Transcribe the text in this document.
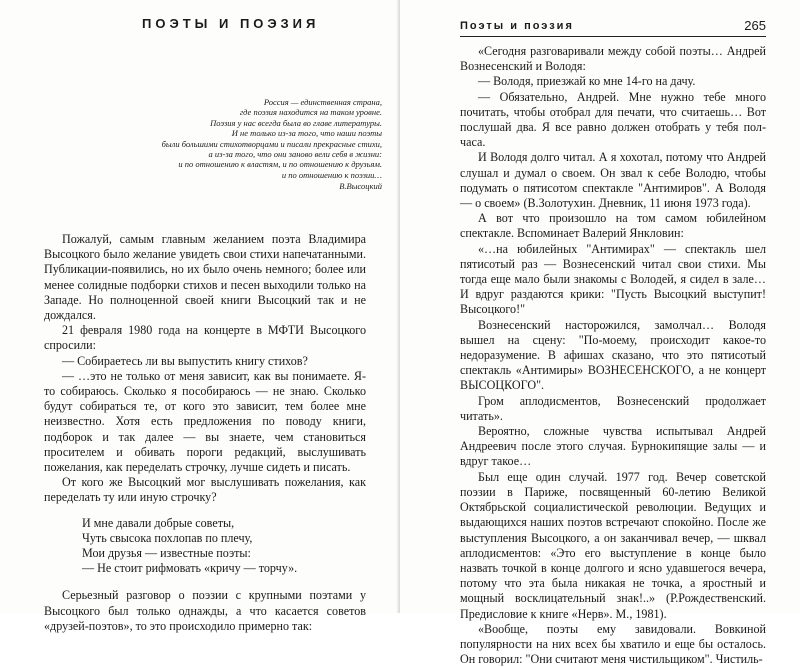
ПОЭТЫ И ПОЭЗИЯ
Россия — единственная страна,
где поэзия находится на таком уровне.
Поэзия у нас всегда была во главе литературы.
И не только из-за того, что наши поэты
были большими стихотворцами и писали прекрасные стихи,
а из-за того, что они заново вели себя в жизни:
и по отношению к властям, и по отношению к друзьям.
и по отношению к поэзии…
В.Высоцкий

Пожалуй, самым главным желанием поэта Владимира Высоцкого было желание увидеть свои стихи напечатанными. Публикации-появились, но их было очень немного; более или менее солидные подборки стихов и песен выходили только на Западе. Но полноценной своей книги Высоцкий так и не дождался.

21 февраля 1980 года на концерте в МФТИ Высоцкого спросили:

— Собираетесь ли вы выпустить книгу стихов?

— …это не только от меня зависит, как вы понимаете. Я-то собираюсь. Сколько я пособираюсь — не знаю. Сколько будут собираться те, от кого это зависит, тем более мне неизвестно. Хотя есть предложения по поводу книги, подборок и так далее — вы знаете, чем становиться просителем и обивать пороги редакций, выслушивать пожелания, как переделать строчку, лучше сидеть и писать.

От кого же Высоцкий мог выслушивать пожелания, как переделать ту или иную строчку?

И мне давали добрые советы,
Чуть свысока похлопав по плечу,
Мои друзья — известные поэты:
— Не стоит рифмовать «кричу — торчу».

Серьезный разговор о поэзии с крупными поэтами у Высоцкого был только однажды, а что касается советов «друзей-поэтов», то это происходило примерно так:

Поэты и поэзия	265

«Сегодня разговаривали между собой поэты… Андрей Вознесенский и Володя:

— Володя, приезжай ко мне 14-го на дачу.

— Обязательно, Андрей. Мне нужно тебе много почитать, чтобы отобрал для печати, что считаешь… Вот послушай два. Я все равно должен отобрать у тебя пол-часа.

И Володя долго читал. А я хохотал, потому что Андрей слушал и думал о своем. Он звал к себе Володю, чтобы подумать о пятисотом спектакле "Антимиров". А Володя — о своем» (В.Золотухин. Дневник, 11 июня 1973 года).

А вот что произошло на том самом юбилейном спектакле. Вспоминает Валерий Янкловин:

«…на юбилейных "Антимирах" — спектакль шел пятисотый раз — Вознесенский читал свои стихи. Мы тогда еще мало были знакомы с Володей, я сидел в зале… И вдруг раздаются крики: "Пусть Высоцкий выступит! Высоцкого!"

Вознесенский насторожился, замолчал… Володя вышел на сцену: "По-моему, происходит какое-то недоразумение. В афишах сказано, что это пятисотый спектакль «Антимиры» ВОЗНЕСЕНСКОГО, а не концерт ВЫСОЦКОГО".

Гром аплодисментов, Вознесенский продолжает читать».

Вероятно, сложные чувства испытывал Андрей Андреевич после этого случая. Бурнокипящие залы — и вдруг такое…

Был еще один случай. 1977 год. Вечер советской поэзии в Париже, посвященный 60-летию Великой Октябрьской социалистической революции. Ведущих и выдающихся наших поэтов встречают спокойно. После же выступления Высоцкого, а он заканчивал вечер, — шквал аплодисментов: «Это его выступление в конце было назвать точкой в конце долгого и ясно удавшегося вечера, потому что эта была никакая не точка, а яростный и мощный восклицательный знак!..» (Р.Рождественский. Предисловие к книге «Нерв». М., 1981).

«Вообще, поэты ему завидовали. Вовкиной популярности на них всех бы хватило и еще бы осталось. Он говорил: "Они считают меня чистильщиком". Чистиль-
